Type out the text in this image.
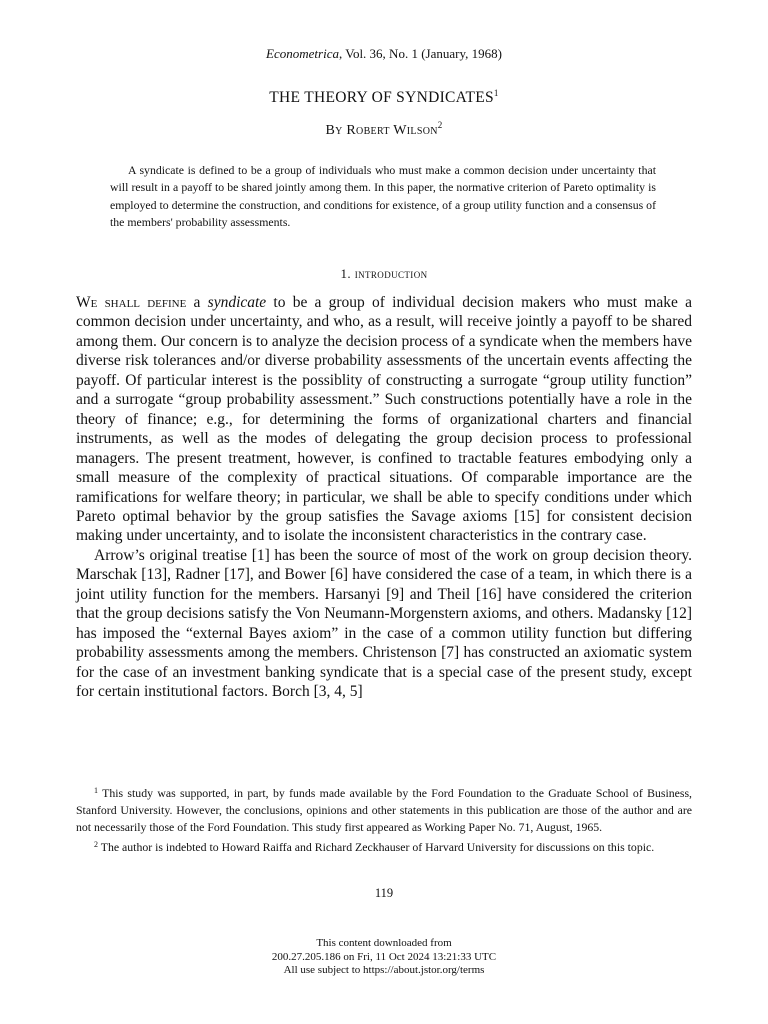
Econometrica, Vol. 36, No. 1 (January, 1968)
THE THEORY OF SYNDICATES$^1$
By Robert Wilson$^2$
A syndicate is defined to be a group of individuals who must make a common decision under uncertainty that will result in a payoff to be shared jointly among them. In this paper, the normative criterion of Pareto optimality is employed to determine the construction, and conditions for existence, of a group utility function and a consensus of the members' probability assessments.
1. introduction

We shall define a syndicate to be a group of individual decision makers who must make a common decision under uncertainty, and who, as a result, will receive jointly a payoff to be shared among them. Our concern is to analyze the decision process of a syndicate when the members have diverse risk tolerances and/or diverse probability assessments of the uncertain events affecting the payoff. Of particular interest is the possiblity of constructing a surrogate “group utility function” and a surrogate “group probability assessment.” Such constructions potentially have a role in the theory of finance; e.g., for determining the forms of organizational charters and financial instruments, as well as the modes of delegating the group decision process to professional managers. The present treatment, however, is confined to tractable features embodying only a small measure of the complexity of practical situations. Of comparable importance are the ramifications for welfare theory; in particular, we shall be able to specify conditions under which Pareto optimal behavior by the group satisfies the Savage axioms [15] for consistent decision making under uncertainty, and to isolate the inconsistent characteristics in the contrary case.

Arrow’s original treatise [1] has been the source of most of the work on group decision theory. Marschak [13], Radner [17], and Bower [6] have considered the case of a team, in which there is a joint utility function for the members. Harsanyi [9] and Theil [16] have considered the criterion that the group decisions satisfy the Von Neumann-Morgenstern axioms, and others. Madansky [12] has imposed the “external Bayes axiom” in the case of a common utility function but differing probability assessments among the members. Christenson [7] has constructed an axiomatic system for the case of an investment banking syndicate that is a special case of the present study, except for certain institutional factors. Borch [3, 4, 5]

$^1$ This study was supported, in part, by funds made available by the Ford Foundation to the Graduate School of Business, Stanford University. However, the conclusions, opinions and other statements in this publication are those of the author and are not necessarily those of the Ford Foundation. This study first appeared as Working Paper No. 71, August, 1965.

$^2$ The author is indebted to Howard Raiffa and Richard Zeckhauser of Harvard University for discussions on this topic.

119
This content downloaded from
200.27.205.186 on Fri, 11 Oct 2024 13:21:33 UTC
All use subject to https://about.jstor.org/terms
